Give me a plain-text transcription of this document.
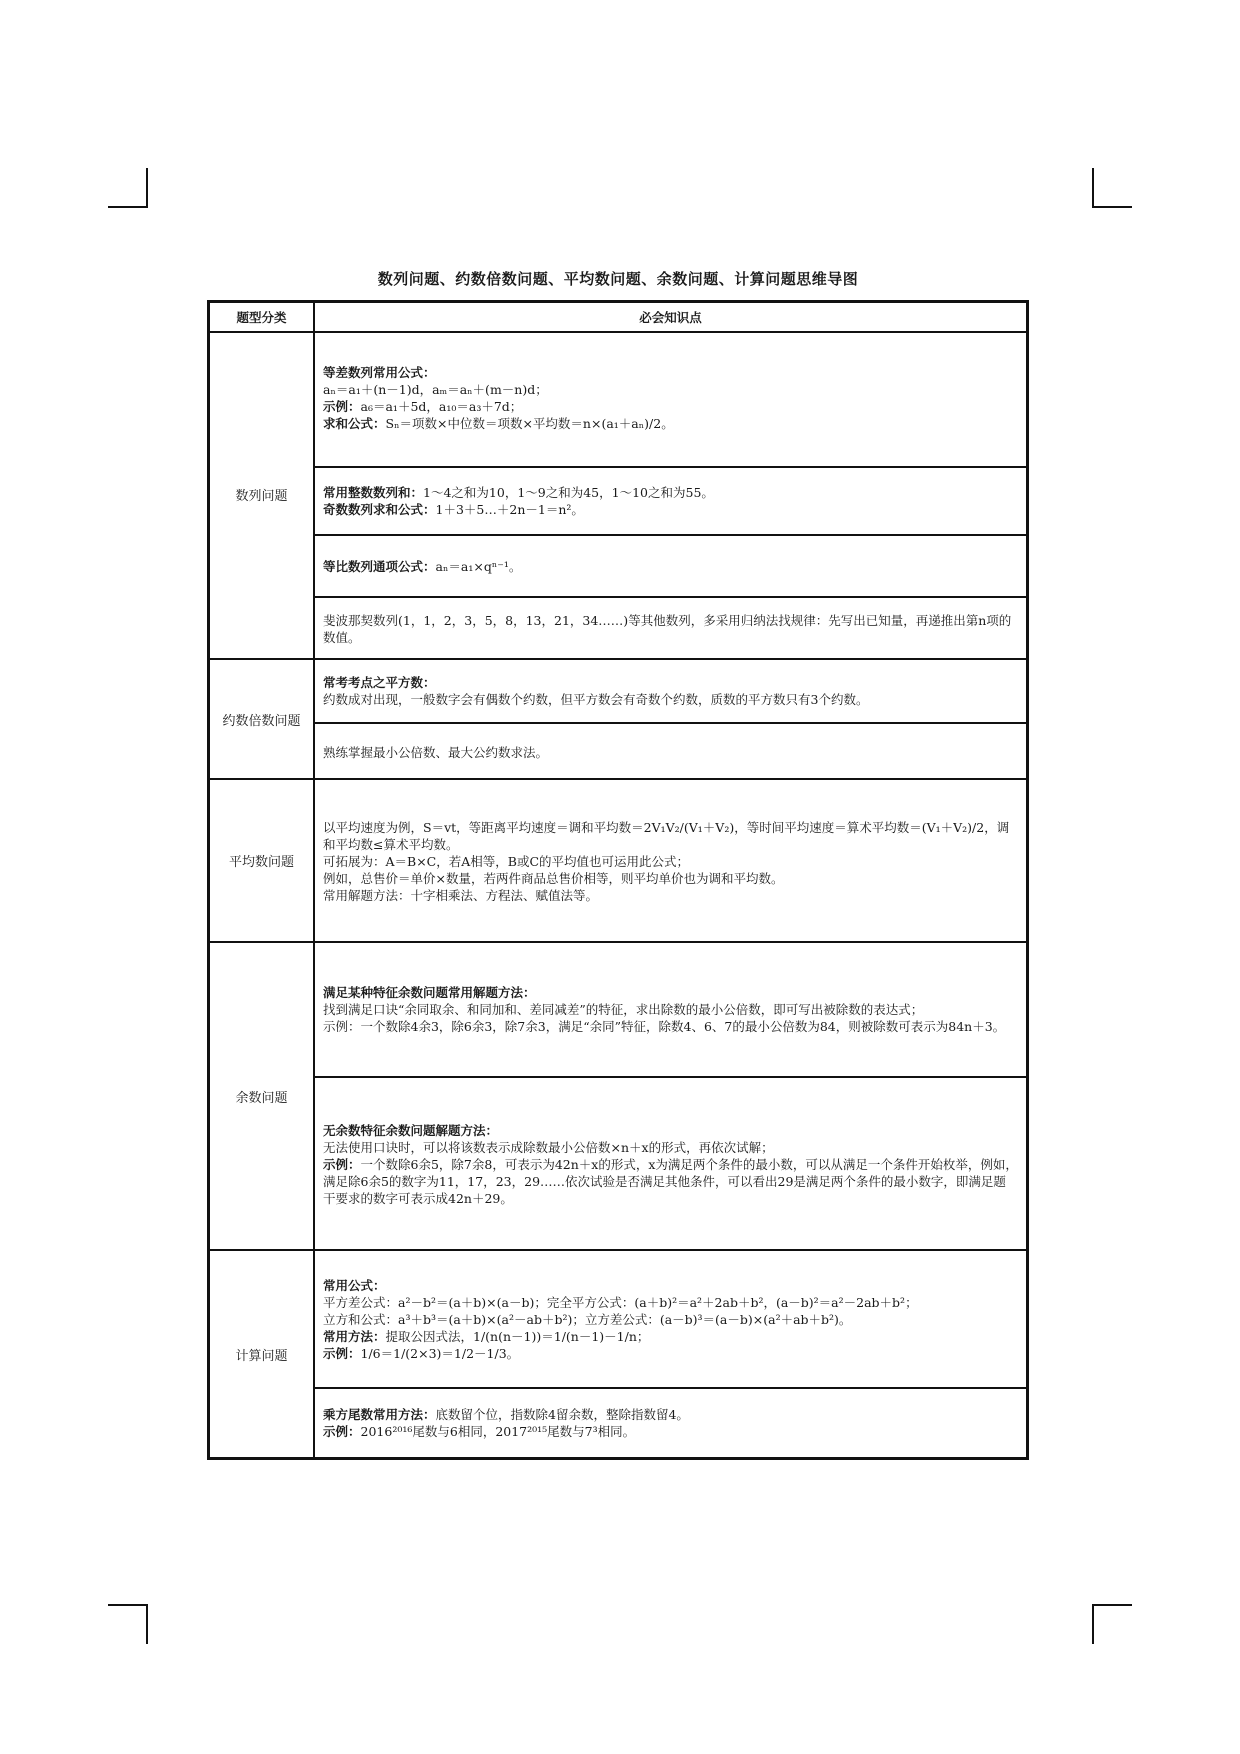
数列问题、约数倍数问题、平均数问题、余数问题、计算问题思维导图
题型分类	必会知识点
数列问题
等差数列常用公式：
aₙ＝a₁＋(n－1)d，aₘ＝aₙ＋(m－n)d；
示例：a₆＝a₁＋5d，a₁₀＝a₃＋7d；
求和公式：Sₙ＝项数×中位数＝项数×平均数＝n×(a₁＋aₙ)/2。
常用整数数列和：1～4之和为10，1～9之和为45，1～10之和为55。
奇数数列求和公式：1＋3＋5…＋2n－1＝n²。
等比数列通项公式：aₙ＝a₁×qⁿ⁻¹。
斐波那契数列(1，1，2，3，5，8，13，21，34……)等其他数列，多采用归纳法找规律：先写出已知量，再递推出第n项的数值。
约数倍数问题
常考考点之平方数：
约数成对出现，一般数字会有偶数个约数，但平方数会有奇数个约数，质数的平方数只有3个约数。
熟练掌握最小公倍数、最大公约数求法。
平均数问题
以平均速度为例，S＝vt，等距离平均速度＝调和平均数＝2V₁V₂/(V₁＋V₂)，等时间平均速度＝算术平均数＝(V₁＋V₂)/2，调和平均数≤算术平均数。
可拓展为：A＝B×C，若A相等，B或C的平均值也可运用此公式；
例如，总售价＝单价×数量，若两件商品总售价相等，则平均单价也为调和平均数。
常用解题方法：十字相乘法、方程法、赋值法等。
余数问题
满足某种特征余数问题常用解题方法：
找到满足口诀“余同取余、和同加和、差同减差”的特征，求出除数的最小公倍数，即可写出被除数的表达式；
示例：一个数除4余3，除6余3，除7余3，满足“余同”特征，除数4、6、7的最小公倍数为84，则被除数可表示为84n＋3。
无余数特征余数问题解题方法：
无法使用口诀时，可以将该数表示成除数最小公倍数×n＋x的形式，再依次试解；
示例：一个数除6余5，除7余8，可表示为42n＋x的形式，x为满足两个条件的最小数，可以从满足一个条件开始枚举，例如，满足除6余5的数字为11，17，23，29……依次试验是否满足其他条件，可以看出29是满足两个条件的最小数字，即满足题干要求的数字可表示成42n＋29。
计算问题
常用公式：
平方差公式：a²－b²＝(a＋b)×(a－b)；完全平方公式：(a＋b)²＝a²＋2ab＋b²，(a－b)²＝a²－2ab＋b²；
立方和公式：a³＋b³＝(a＋b)×(a²－ab＋b²)；立方差公式：(a－b)³＝(a－b)×(a²＋ab＋b²)。
常用方法：提取公因式法，1/(n(n－1))＝1/(n－1)－1/n；
示例：1/6＝1/(2×3)＝1/2－1/3。
乘方尾数常用方法：底数留个位，指数除4留余数，整除指数留4。
示例：2016²⁰¹⁶尾数与6相同，2017²⁰¹⁵尾数与7³相同。
